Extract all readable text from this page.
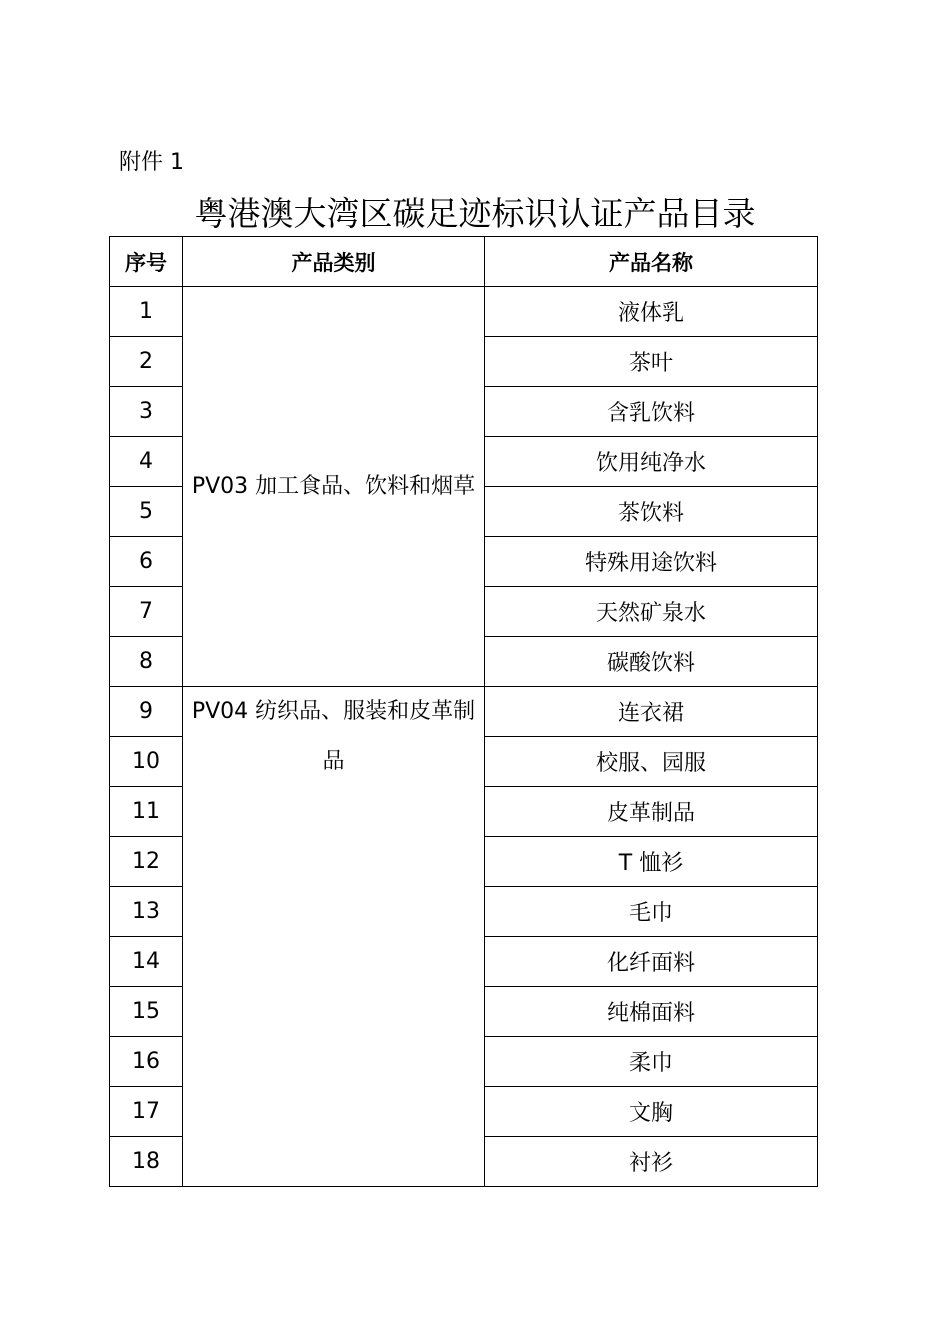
附件 1
粤港澳大湾区碳足迹标识认证产品目录
序号	产品类别	产品名称
1	PV03 加工食品、饮料和烟草	液体乳
2		茶叶
3		含乳饮料
4		饮用纯净水
5		茶饮料
6		特殊用途饮料
7		天然矿泉水
8		碳酸饮料
9	PV04 纺织品、服装和皮革制品	连衣裙
10		校服、园服
11		皮革制品
12		T 恤衫
13		毛巾
14		化纤面料
15		纯棉面料
16		柔巾
17		文胸
18		衬衫
